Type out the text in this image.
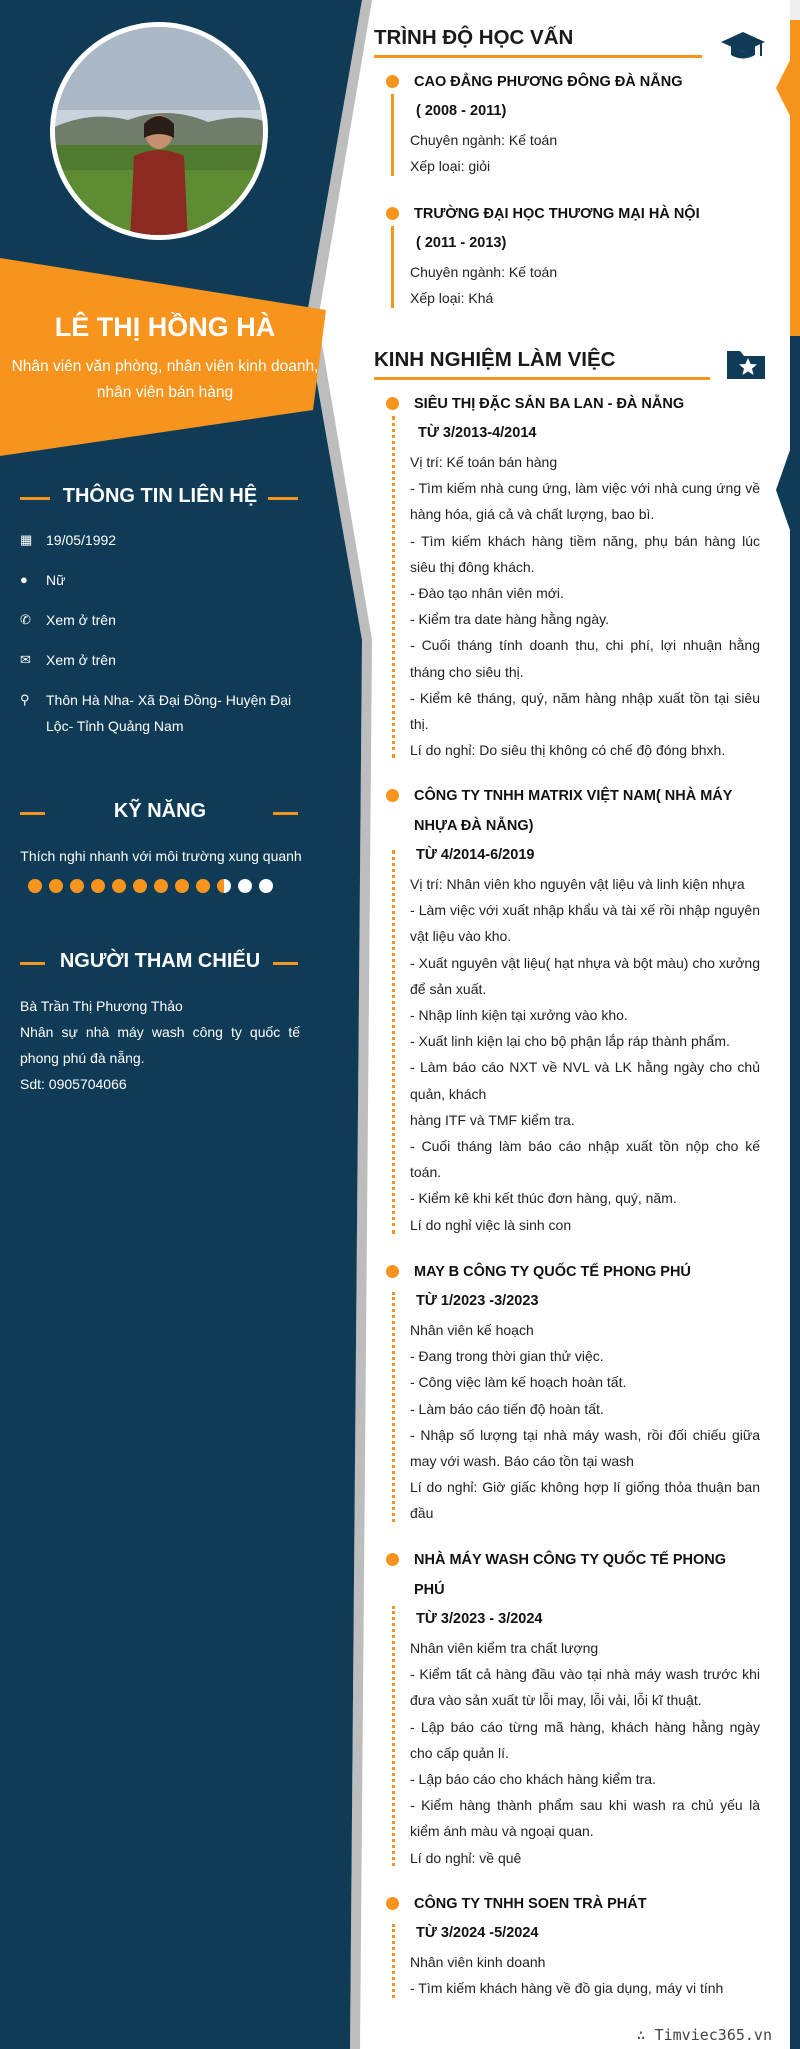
LÊ THỊ HỒNG HÀ
Nhân viên văn phòng, nhân viên kinh doanh, nhân viên bán hàng
THÔNG TIN LIÊN HỆ
▦ 19/05/1992
● Nữ
✆ Xem ở trên
✉ Xem ở trên
⚲ Thôn Hà Nha- Xã Đại Đồng- Huyện Đại Lộc- Tỉnh Quảng Nam
KỸ NĂNG
Thích nghi nhanh với môi trường xung quanh
NGƯỜI THAM CHIẾU
Bà Trần Thị Phương Thảo
Nhân sự nhà máy wash công ty quốc tế phong phú đà nẵng.
Sdt: 0905704066
TRÌNH ĐỘ HỌC VẤN
CAO ĐẲNG PHƯƠNG ĐÔNG ĐÀ NẴNG
( 2008 - 2011)
Chuyên ngành: Kế toán
Xếp loại: giỏi
TRƯỜNG ĐẠI HỌC THƯƠNG MẠI HÀ NỘI
( 2011 - 2013)
Chuyên ngành: Kế toán
Xếp loại: Khá
KINH NGHIỆM LÀM VIỆC
SIÊU THỊ ĐẶC SẢN BA LAN - ĐÀ NẴNG
TỪ 3/2013-4/2014
Vị trí: Kế toán bán hàng
- Tìm kiếm nhà cung ứng, làm việc với nhà cung ứng về hàng hóa, giá cả và chất lượng, bao bì.
- Tìm kiếm khách hàng tiềm năng, phụ bán hàng lúc siêu thị đông khách.
- Đào tạo nhân viên mới.
- Kiểm tra date hàng hằng ngày.
- Cuối tháng tính doanh thu, chi phí, lợi nhuận hằng tháng cho siêu thị.
- Kiểm kê tháng, quý, năm hàng nhập xuất tồn tại siêu thị.
Lí do nghỉ: Do siêu thị không có chế độ đóng bhxh.
CÔNG TY TNHH MATRIX VIỆT NAM( NHÀ MÁY NHỰA ĐÀ NẴNG)
TỪ 4/2014-6/2019
Vị trí: Nhân viên kho nguyên vật liệu và linh kiện nhựa
- Làm việc với xuất nhập khẩu và tài xế rồi nhập nguyên vật liệu vào kho.
- Xuất nguyên vật liệu( hạt nhựa và bột màu) cho xưởng để sản xuất.
- Nhập linh kiện tại xưởng vào kho.
- Xuất linh kiện lại cho bộ phận lắp ráp thành phẩm.
- Làm báo cáo NXT về NVL và LK hằng ngày cho chủ quản, khách
hàng ITF và TMF kiểm tra.
- Cuối tháng làm báo cáo nhập xuất tồn nộp cho kế toán.
- Kiểm kê khi kết thúc đơn hàng, quý, năm.
Lí do nghỉ việc là sinh con
MAY B CÔNG TY QUỐC TẾ PHONG PHÚ
TỪ 1/2023 -3/2023
Nhân viên kế hoạch
- Đang trong thời gian thử việc.
- Công việc làm kế hoạch hoàn tất.
- Làm báo cáo tiến độ hoàn tất.
- Nhập số lượng tại nhà máy wash, rồi đối chiếu giữa may với wash. Báo cáo tồn tại wash
Lí do nghỉ: Giờ giấc không hợp lí giống thỏa thuận ban đầu
NHÀ MÁY WASH CÔNG TY QUỐC TẾ PHONG PHÚ
TỪ 3/2023 - 3/2024
Nhân viên kiểm tra chất lượng
- Kiểm tất cả hàng đầu vào tại nhà máy wash trước khi đưa vào sản xuất từ lỗi may, lỗi vải, lỗi kĩ thuật.
- Lập báo cáo từng mã hàng, khách hàng hằng ngày cho cấp quản lí.
- Lập báo cáo cho khách hàng kiểm tra.
- Kiểm hàng thành phẩm sau khi wash ra chủ yếu là kiểm ánh màu và ngoại quan.
Lí do nghỉ: về quê
CÔNG TY TNHH SOEN TRÀ PHÁT
TỪ 3/2024 -5/2024
Nhân viên kinh doanh
- Tìm kiếm khách hàng về đồ gia dụng, máy vi tính
∴ Timviec365.vn
